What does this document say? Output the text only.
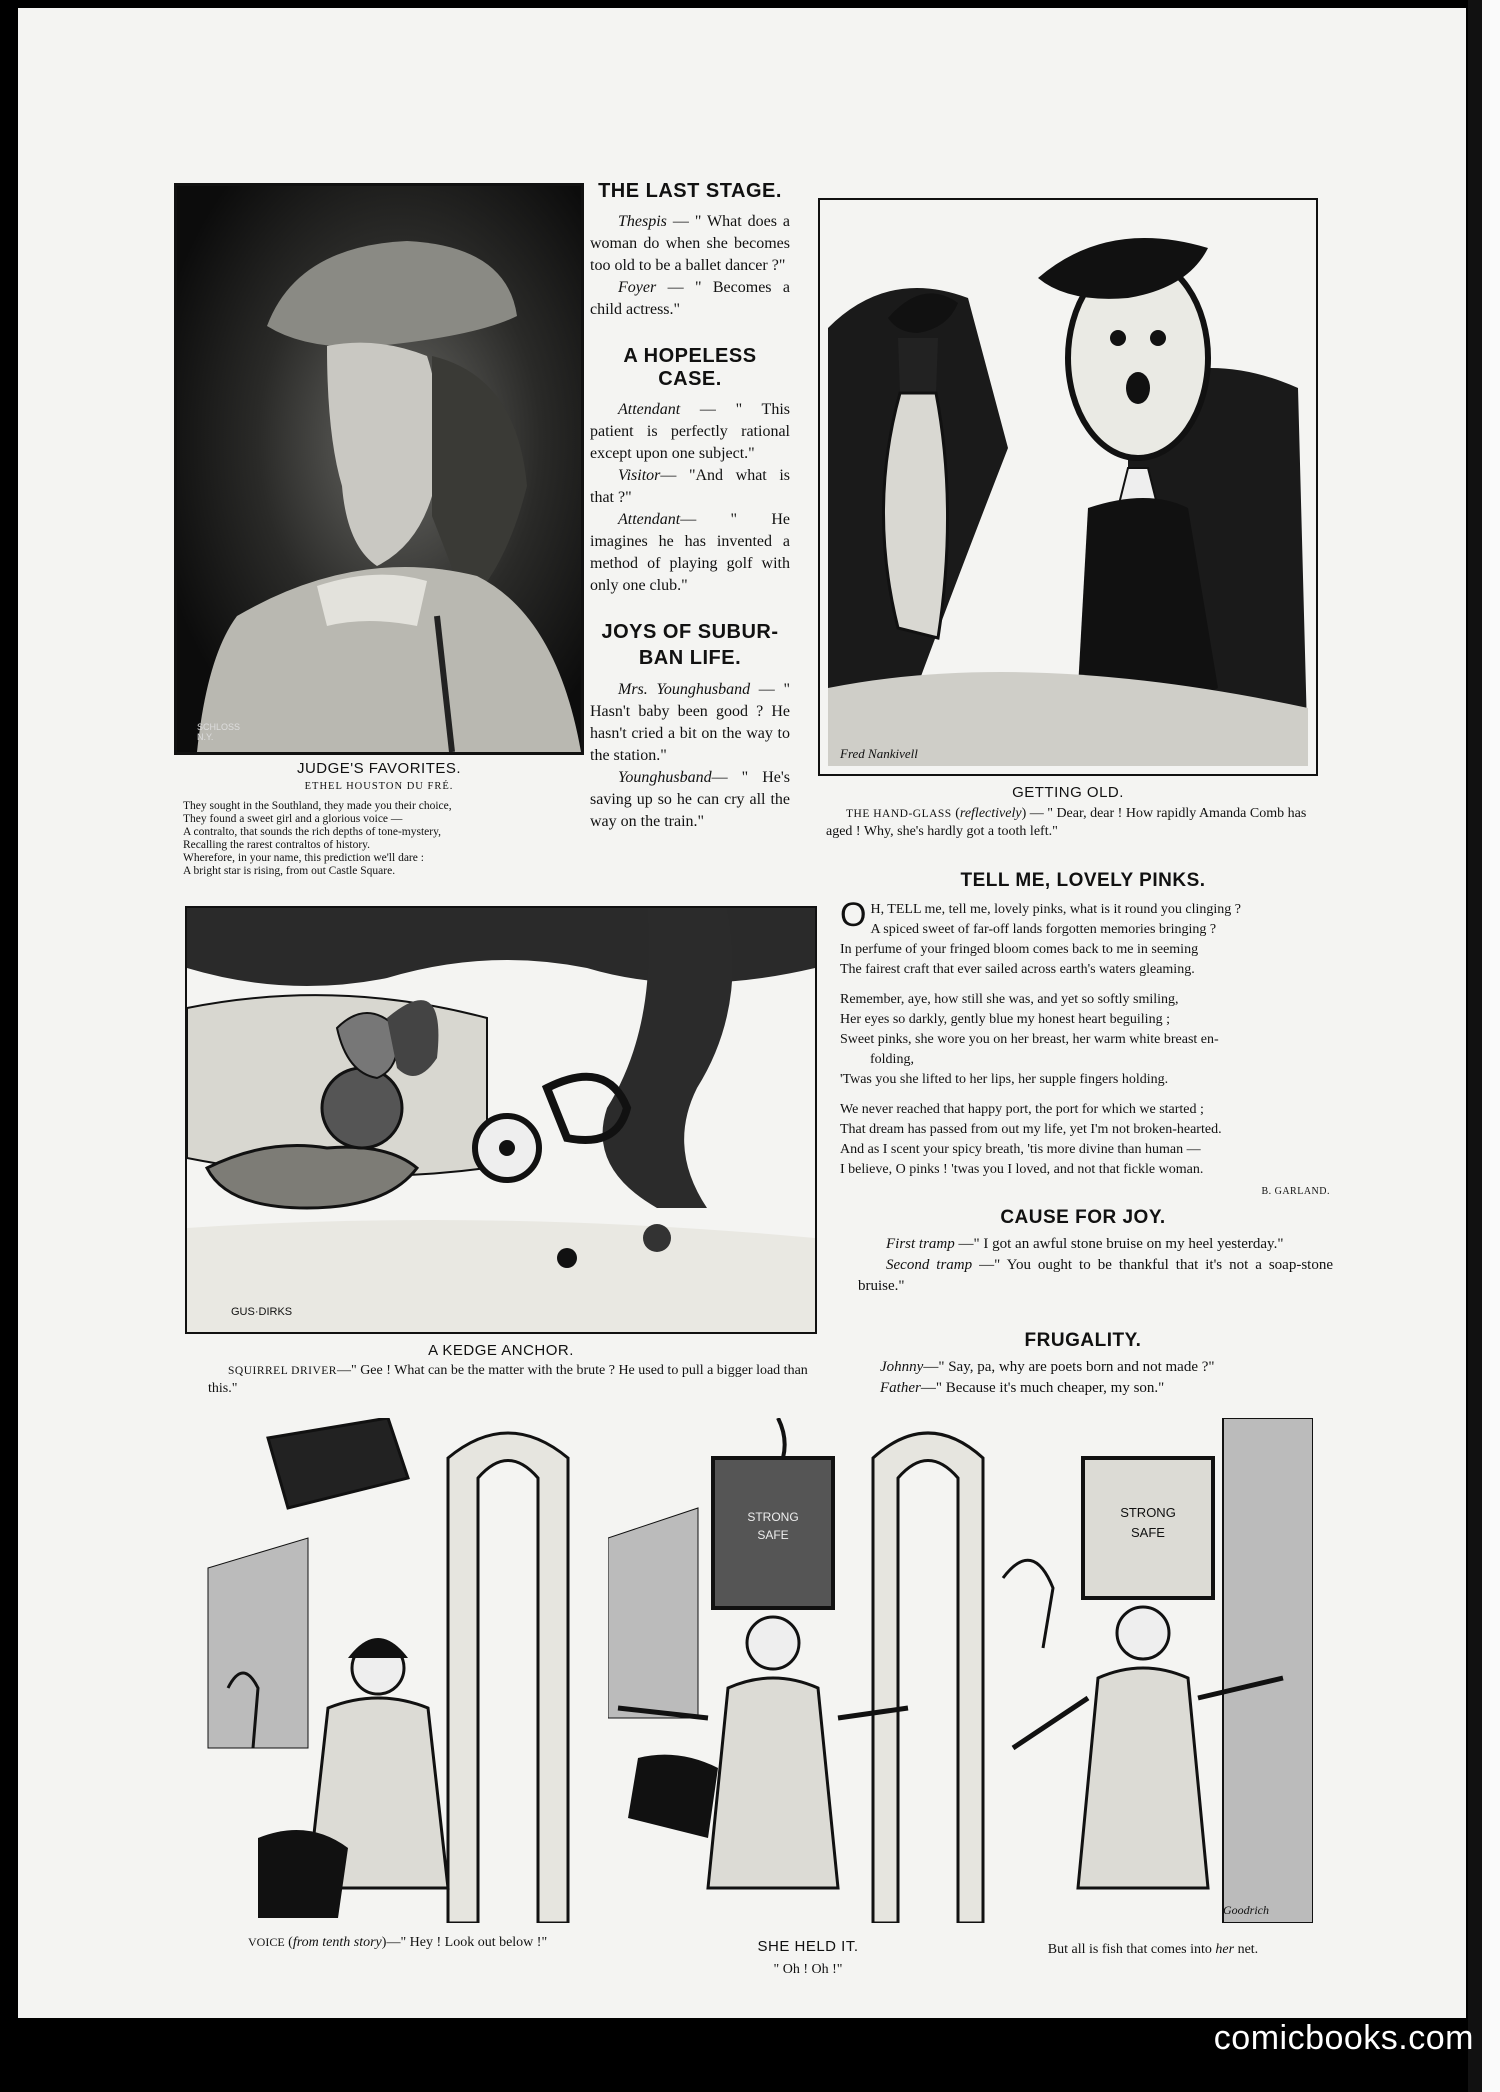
SCHLOSS N.Y.
JUDGE'S FAVORITES.
ETHEL HOUSTON DU FRÉ.
They sought in the Southland, they made you their choice,
They found a sweet girl and a glorious voice —
A contralto, that sounds the rich depths of tone-mystery,
Recalling the rarest contraltos of history.
Wherefore, in your name, this prediction we'll dare :
A bright star is rising, from out Castle Square.
THE LAST STAGE.

Thespis — " What does a woman do when she becomes too old to be a ballet dancer ?"

Foyer — " Becomes a child actress."

A HOPELESS CASE.

Attendant — " This patient is perfectly rational except upon one subject."

Visitor— "And what is that ?"

Attendant— " He imagines he has invented a method of playing golf with only one club."

JOYS OF SUBUR-
BAN LIFE.

Mrs. Younghusband — " Hasn't baby been good ? He hasn't cried a bit on the way to the station."

Younghusband— " He's saving up so he can cry all the way on the train."

Fred Nankivell
GETTING OLD.
THE HAND-GLASS (reflectively) — " Dear, dear ! How rapidly Amanda Comb has aged ! Why, she's hardly got a tooth left."
TELL ME, LOVELY PINKS.
O H, TELL me, tell me, lovely pinks, what is it round you clinging ?
A spiced sweet of far-off lands forgotten memories bringing ?
In perfume of your fringed bloom comes back to me in seeming
The fairest craft that ever sailed across earth's waters gleaming.
Remember, aye, how still she was, and yet so softly smiling,
Her eyes so darkly, gently blue my honest heart beguiling ;
Sweet pinks, she wore you on her breast, her warm white breast en-
folding,
'Twas you she lifted to her lips, her supple fingers holding.
We never reached that happy port, the port for which we started ;
That dream has passed from out my life, yet I'm not broken-hearted.
And as I scent your spicy breath, 'tis more divine than human —
I believe, O pinks ! 'twas you I loved, and not that fickle woman.
B. GARLAND.
GUS·DIRKS
A KEDGE ANCHOR.
SQUIRREL DRIVER—" Gee ! What can be the matter with the brute ? He used to pull a bigger load than this."
CAUSE FOR JOY.

First tramp —" I got an awful stone bruise on my heel yesterday."

Second tramp —" You ought to be thankful that it's not a soap-stone bruise."

FRUGALITY.
Johnny—" Say, pa, why are poets born and not made ?"
Father—" Because it's much cheaper, my son."
STRONG
SAFE
STRONG
SAFE
Goodrich
VOICE (from tenth story)—" Hey ! Look out below !"	SHE HELD IT.
" Oh ! Oh !"
But all is fish that comes into her net.
comicbooks.com
